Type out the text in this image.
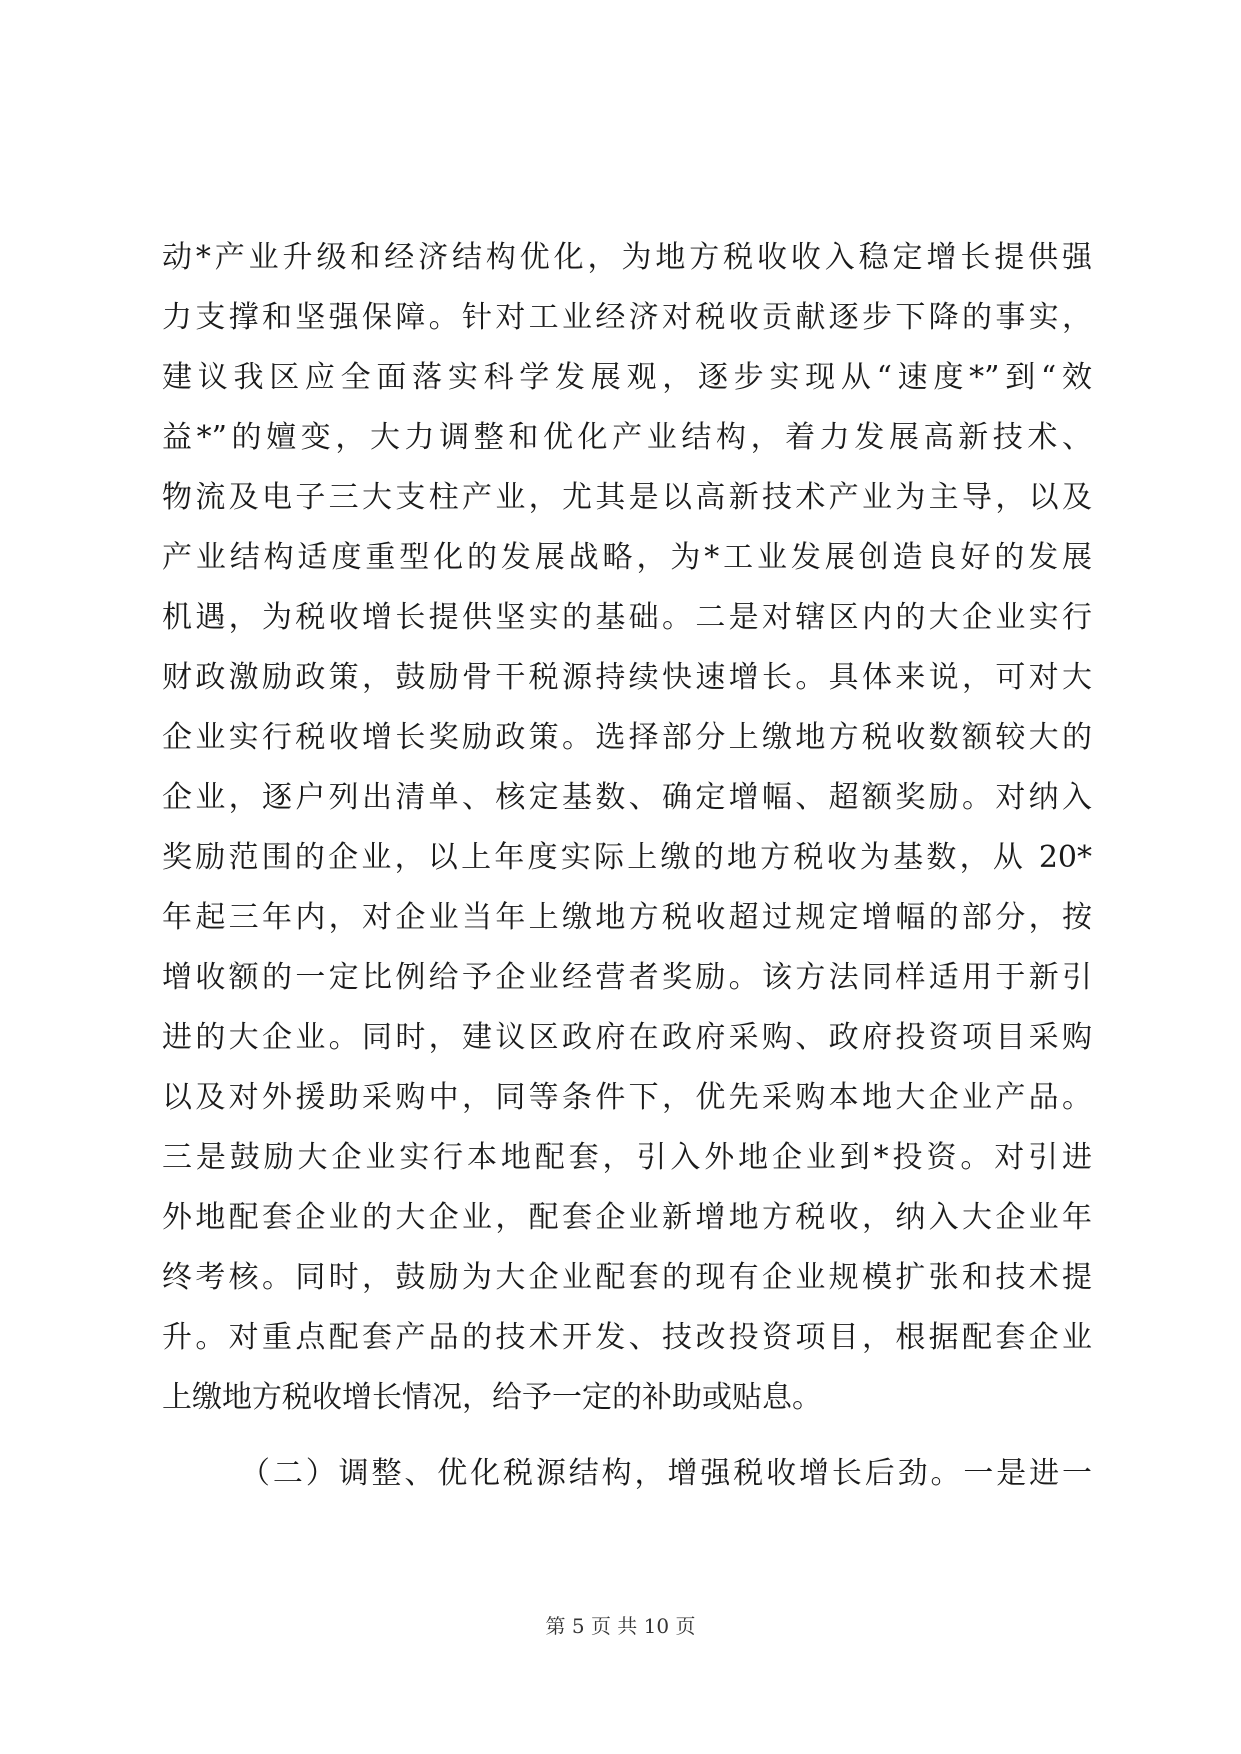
动*产业升级和经济结构优化，为地方税收收入稳定增长提供强
力支撑和坚强保障。针对工业经济对税收贡献逐步下降的事实，
建议我区应全面落实科学发展观，逐步实现从“速度*”到“效
益*”的嬗变，大力调整和优化产业结构，着力发展高新技术、
物流及电子三大支柱产业，尤其是以高新技术产业为主导，以及
产业结构适度重型化的发展战略，为*工业发展创造良好的发展
机遇，为税收增长提供坚实的基础。二是对辖区内的大企业实行
财政激励政策，鼓励骨干税源持续快速增长。具体来说，可对大
企业实行税收增长奖励政策。选择部分上缴地方税收数额较大的
企业，逐户列出清单、核定基数、确定增幅、超额奖励。对纳入
奖励范围的企业，以上年度实际上缴的地方税收为基数，从 20*
年起三年内，对企业当年上缴地方税收超过规定增幅的部分，按
增收额的一定比例给予企业经营者奖励。该方法同样适用于新引
进的大企业。同时，建议区政府在政府采购、政府投资项目采购
以及对外援助采购中，同等条件下，优先采购本地大企业产品。
三是鼓励大企业实行本地配套，引入外地企业到*投资。对引进
外地配套企业的大企业，配套企业新增地方税收，纳入大企业年
终考核。同时，鼓励为大企业配套的现有企业规模扩张和技术提
升。对重点配套产品的技术开发、技改投资项目，根据配套企业
上缴地方税收增长情况，给予一定的补助或贴息。
（二）调整、优化税源结构，增强税收增长后劲。一是进一
第 5 页 共 10 页
